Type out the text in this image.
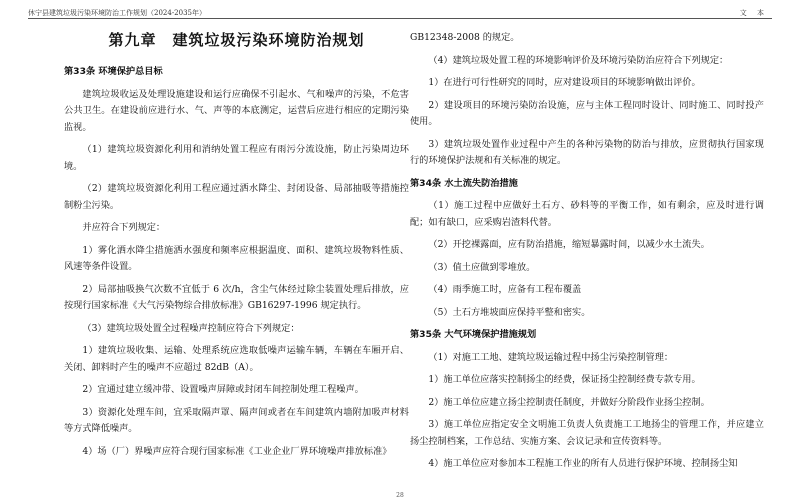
休宁县建筑垃圾污染环境防治工作规划（2024-2035年）	文 本
第九章　建筑垃圾污染环境防治规划
第33条 环境保护总目标

建筑垃圾收运及处理设施建设和运行应确保不引起水、气和噪声的污染，不危害公共卫生。在建设前应进行水、气、声等的本底测定，运营后应进行相应的定期污染监视。

（1）建筑垃圾资源化利用和消纳处置工程应有雨污分流设施，防止污染周边环境。

（2）建筑垃圾资源化利用工程应通过洒水降尘、封闭设备、局部抽吸等措施控制粉尘污染。

并应符合下列规定：

1）雾化洒水降尘措施洒水强度和频率应根据温度、面积、建筑垃圾物料性质、风速等条件设置。

2）局部抽吸换气次数不宜低于 6 次/h，含尘气体经过除尘装置处理后排放，应按现行国家标准《大气污染物综合排放标准》GB16297-1996 规定执行。

（3）建筑垃圾处置全过程噪声控制应符合下列规定：

1）建筑垃圾收集、运输、处理系统应选取低噪声运输车辆，车辆在车厢开启、关闭、卸料时产生的噪声不应超过 82dB（A）。

2）宜通过建立缓冲带、设置噪声屏障或封闭车间控制处理工程噪声。

3）资源化处理车间，宜采取隔声罩、隔声间或者在车间建筑内墙附加吸声材料等方式降低噪声。

4）场（厂）界噪声应符合现行国家标准《工业企业厂界环境噪声排放标准》

GB12348-2008 的规定。

（4）建筑垃圾处置工程的环境影响评价及环境污染防治应符合下列规定：

1）在进行可行性研究的同时，应对建设项目的环境影响做出评价。

2）建设项目的环境污染防治设施，应与主体工程同时设计、同时施工、同时投产使用。

3）建筑垃圾处置作业过程中产生的各种污染物的防治与排放，应贯彻执行国家现行的环境保护法规和有关标准的规定。

第34条 水土流失防治措施

（1）施工过程中应做好土石方、砂料等的平衡工作，如有剩余，应及时进行调配；如有缺口，应采购岩渣料代替。

（2）开挖裸露面，应有防治措施，缩短暴露时间，以减少水土流失。

（3）值土应做到零堆放。

（4）雨季施工时，应备有工程布覆盖

（5）土石方堆坡面应保持平整和密实。

第35条 大气环境保护措施规划

（1）对施工工地、建筑垃圾运输过程中扬尘污染控制管理：

1）施工单位应落实控制扬尘的经费，保证扬尘控制经费专款专用。

2）施工单位应建立扬尘控制责任制度，并做好分阶段作业扬尘控制。

3）施工单位应指定安全文明施工负责人负责施工工地扬尘的管理工作，并应建立扬尘控制档案，工作总结、实施方案、会议记录和宣传资料等。

4）施工单位应对参加本工程施工作业的所有人员进行保护环境、控制扬尘知

28
